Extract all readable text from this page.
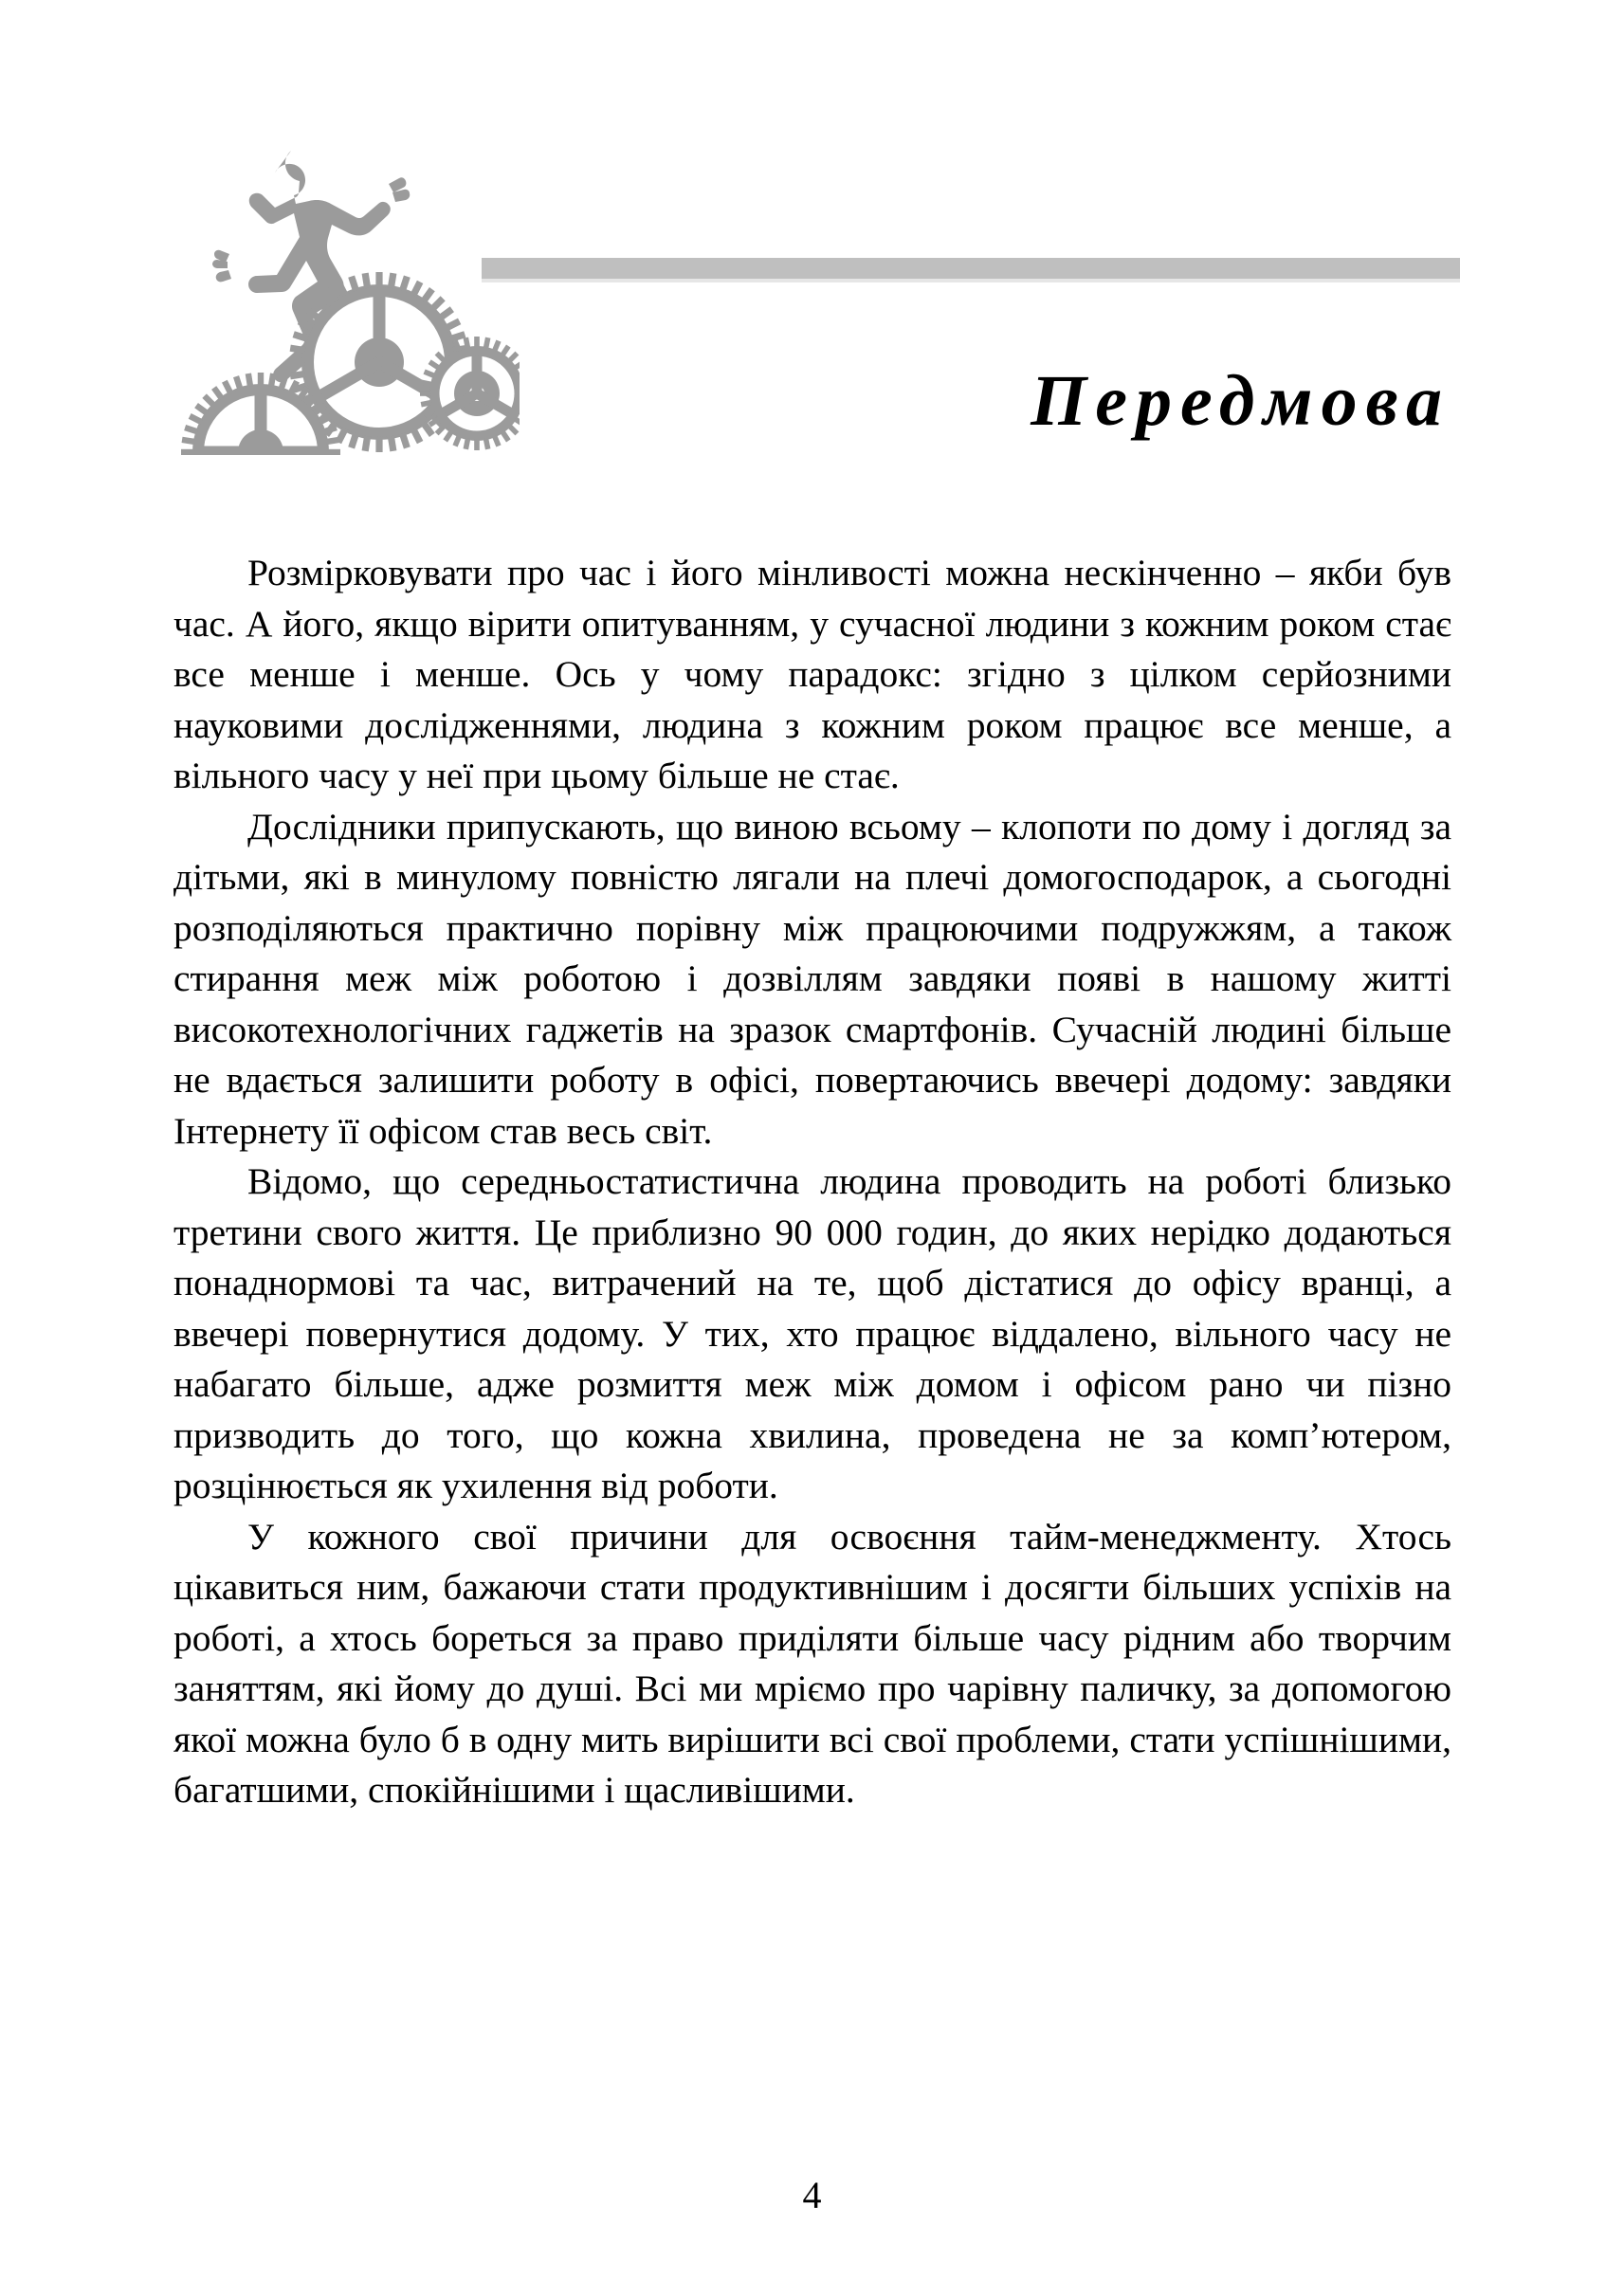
Передмова

Розмірковувати про час і його мінливості можна нескінченно – якби був час. А його, якщо вірити опитуванням, у сучасної людини з кожним роком стає все менше і менше. Ось у чому парадокс: згідно з цілком серйозними науковими дослідженнями, людина з кожним роком працює все менше, а вільного часу у неї при цьому більше не стає.

Дослідники припускають, що виною всьому – клопоти по дому і догляд за дітьми, які в минулому повністю лягали на плечі домогосподарок, а сьогодні розподіляються практично порівну між працюючими подружжям, а також стирання меж між роботою і дозвіллям завдяки появі в нашому житті високотехнологічних гаджетів на зразок смартфонів. Сучасній людині більше не вдається залишити роботу в офісі, повертаючись ввечері додому: завдяки Інтернету її офісом став весь світ.

Відомо, що середньостатистична людина проводить на роботі близько третини свого життя. Це приблизно 90 000 годин, до яких нерідко додаються понаднормові та час, витрачений на те, щоб дістатися до офісу вранці, а ввечері повернутися додому. У тих, хто працює віддалено, вільного часу не набагато більше, адже розмиття меж між домом і офісом рано чи пізно призводить до того, що кожна хвилина, проведена не за комп’ютером, розцінюється як ухилення від роботи.

У кожного свої причини для освоєння тайм-менеджменту. Хтось цікавиться ним, бажаючи стати продуктивнішим і досягти більших успіхів на роботі, а хтось бореться за право приділяти більше часу рідним або творчим заняттям, які йому до душі. Всі ми мріємо про чарівну паличку, за допомогою якої можна було б в одну мить вирішити всі свої проблеми, стати успішнішими, багатшими, спокійнішими і щасливішими.

4
